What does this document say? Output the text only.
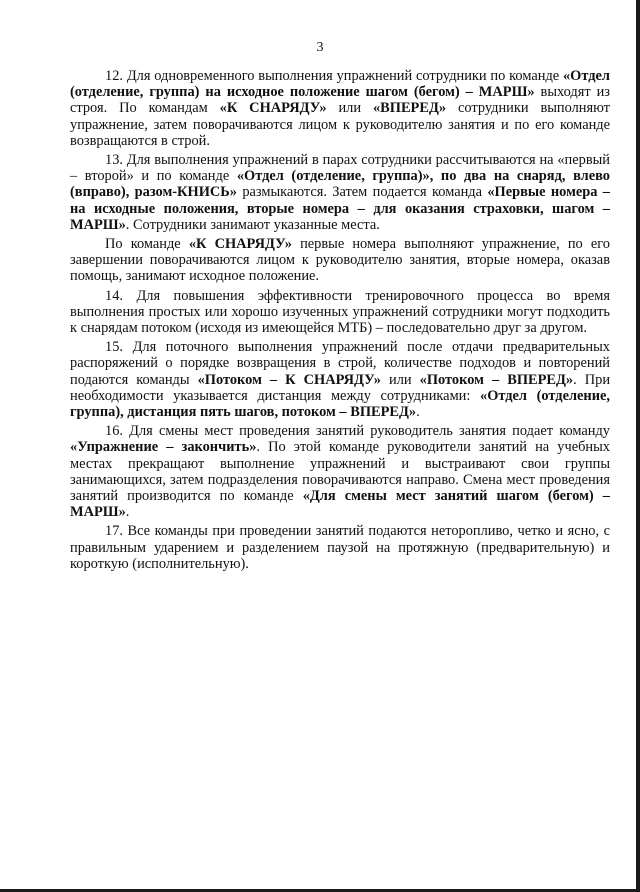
3

12. Для одновременного выполнения упражнений сотрудники по команде «Отдел (отделение, группа) на исходное положение шагом (бегом) – МАРШ» выходят из строя. По командам «К СНАРЯДУ» или «ВПЕРЕД» сотрудники выполняют упражнение, затем поворачиваются лицом к руководителю занятия и по его команде возвращаются в строй.

13. Для выполнения упражнений в парах сотрудники рассчитываются на «первый – второй» и по команде «Отдел (отделение, группа)», по два на снаряд, влево (вправо), разом-КНИСЬ» размыкаются. Затем подается команда «Первые номера – на исходные положения, вторые номера – для оказания страховки, шагом – МАРШ». Сотрудники занимают указанные места.

По команде «К СНАРЯДУ» первые номера выполняют упражнение, по его завершении поворачиваются лицом к руководителю занятия, вторые номера, оказав помощь, занимают исходное положение.

14. Для повышения эффективности тренировочного процесса во время выполнения простых или хорошо изученных упражнений сотрудники могут подходить к снарядам потоком (исходя из имеющейся МТБ) – последовательно друг за другом.

15. Для поточного выполнения упражнений после отдачи предварительных распоряжений о порядке возвращения в строй, количестве подходов и повторений подаются команды «Потоком – К СНАРЯДУ» или «Потоком – ВПЕРЕД». При необходимости указывается дистанция между сотрудниками: «Отдел (отделение, группа), дистанция пять шагов, потоком – ВПЕРЕД».

16. Для смены мест проведения занятий руководитель занятия подает команду «Упражнение – закончить». По этой команде руководители занятий на учебных местах прекращают выполнение упражнений и выстраивают свои группы занимающихся, затем подразделения поворачиваются направо. Смена мест проведения занятий производится по команде «Для смены мест занятий шагом (бегом) – МАРШ».

17. Все команды при проведении занятий подаются неторопливо, четко и ясно, с правильным ударением и разделением паузой на протяжную (предварительную) и короткую (исполнительную).
